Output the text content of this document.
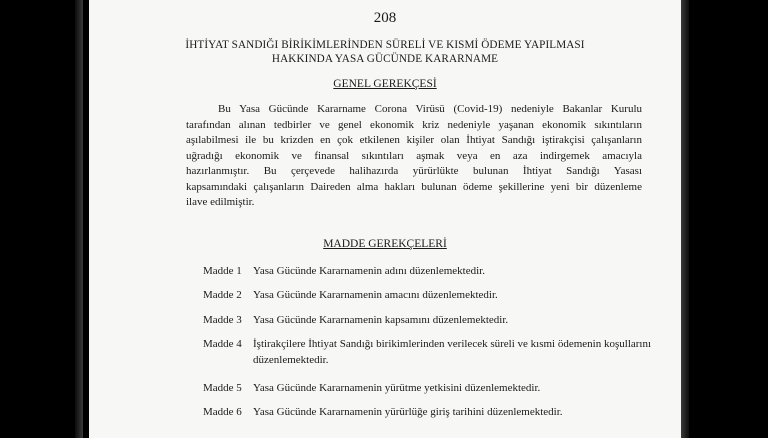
208
İHTİYAT SANDIĞI BİRİKİMLERİNDEN SÜRELİ VE KISMİ ÖDEME YAPILMASI
HAKKINDA YASA GÜCÜNDE KARARNAME
GENEL GEREKÇESİ

Bu Yasa Gücünde Kararname Corona Virüsü (Covid-19) nedeniyle Bakanlar Kurulu
tarafından alınan tedbirler ve genel ekonomik kriz nedeniyle yaşanan ekonomik sıkıntıların
aşılabilmesi ile bu krizden en çok etkilenen kişiler olan İhtiyat Sandığı iştirakçisi çalışanların
uğradığı ekonomik ve finansal sıkıntıları aşmak veya en aza indirgemek amacıyla
hazırlanmıştır. Bu çerçevede halihazırda yürürlükte bulunan İhtiyat Sandığı Yasası
kapsamındaki çalışanların Daireden alma hakları bulunan ödeme şekillerine yeni bir düzenleme
ilave edilmiştir.

MADDE GEREKÇELERİ
Madde 1	Yasa Gücünde Kararnamenin adını düzenlemektedir.
Madde 2	Yasa Gücünde Kararnamenin amacını düzenlemektedir.
Madde 3	Yasa Gücünde Kararnamenin kapsamını düzenlemektedir.
Madde 4	İştirakçilere İhtiyat Sandığı birikimlerinden verilecek süreli ve kısmi ödemenin koşullarını düzenlemektedir.
Madde 5	Yasa Gücünde Kararnamenin yürütme yetkisini düzenlemektedir.
Madde 6	Yasa Gücünde Kararnamenin yürürlüğe giriş tarihini düzenlemektedir.
